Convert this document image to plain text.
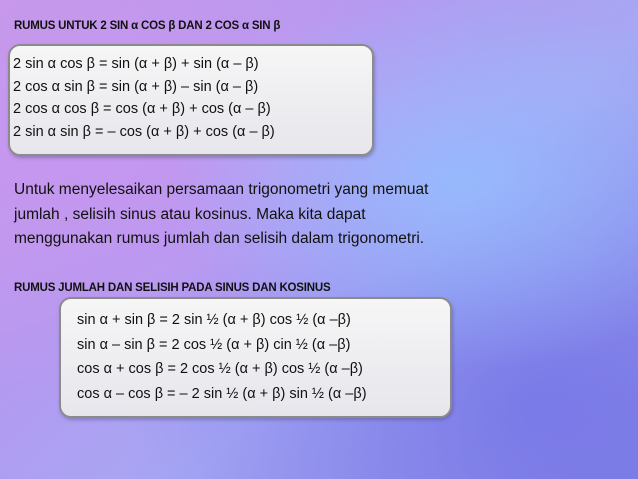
RUMUS UNTUK 2 SIN α COS β DAN 2 COS α SIN β
2 sin α cos β = sin (α + β) + sin (α – β)
2 cos α sin β = sin (α + β) – sin (α – β)
2 cos α cos β = cos (α + β) + cos (α – β)
2 sin α sin β = – cos (α + β) + cos (α – β)
Untuk menyelesaikan persamaan trigonometri yang memuat
jumlah , selisih sinus atau kosinus. Maka kita dapat
menggunakan rumus jumlah dan selisih dalam trigonometri.
RUMUS JUMLAH DAN SELISIH PADA SINUS DAN KOSINUS
sin α + sin β = 2 sin ½ (α + β) cos ½ (α –β)
sin α – sin β = 2 cos ½ (α + β) cin ½ (α –β)
cos α + cos β = 2 cos ½ (α + β) cos ½ (α –β)
cos α – cos β = – 2 sin ½ (α + β) sin ½ (α –β)
